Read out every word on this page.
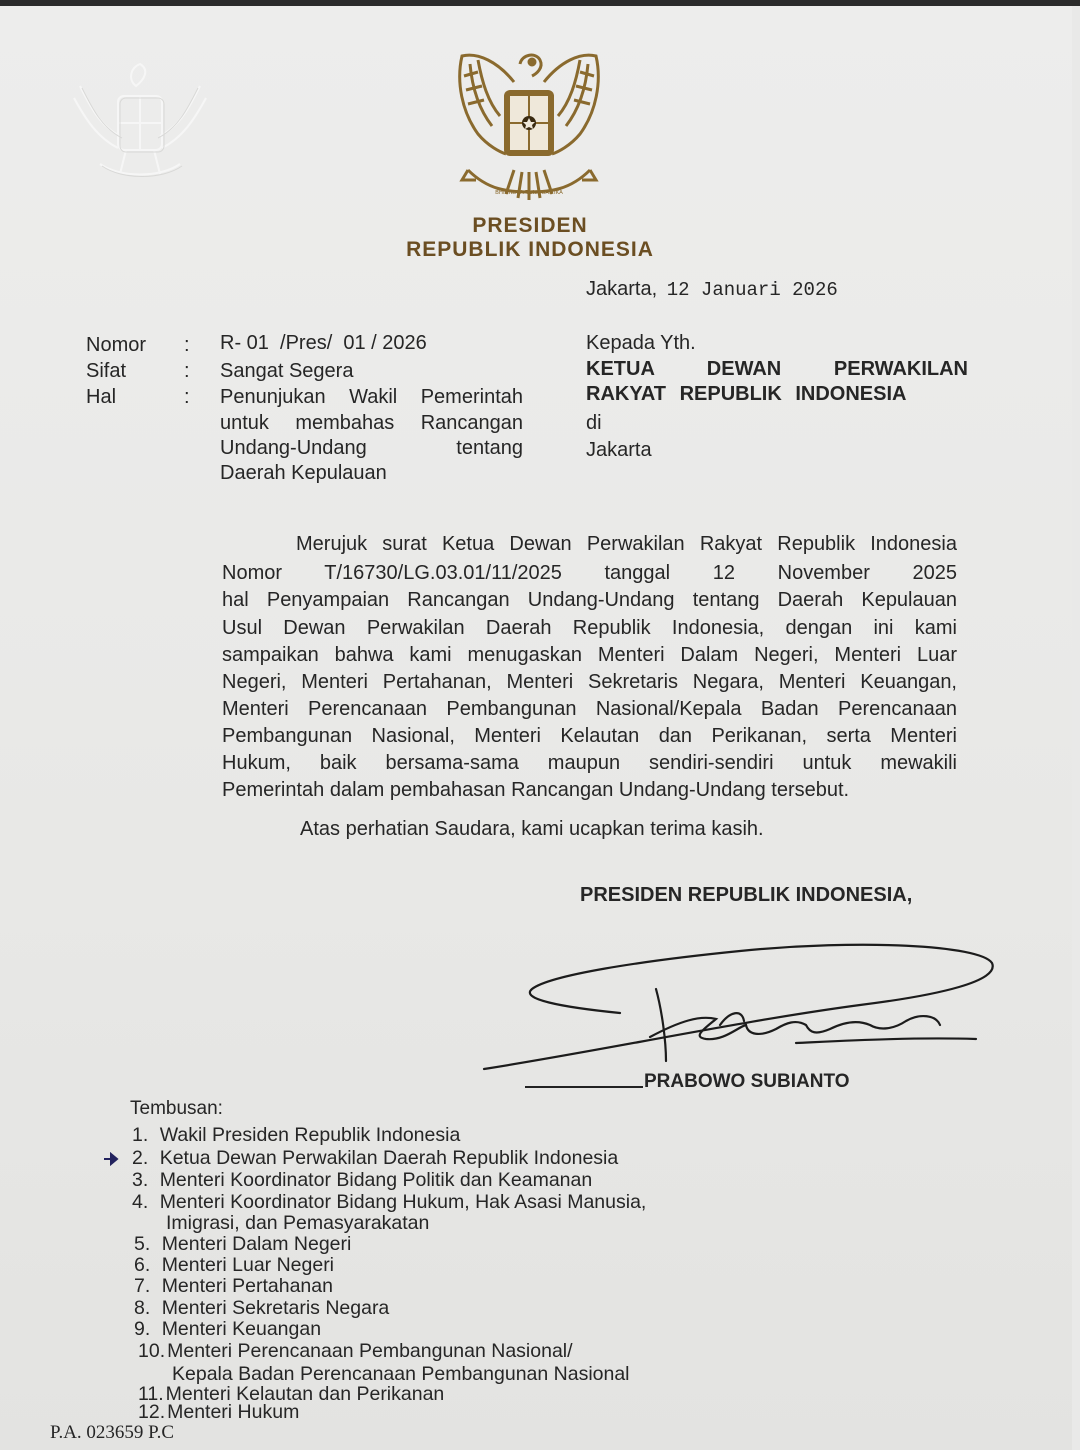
BHINNEKA TUNGGAL IKA
PRESIDEN
REPUBLIK INDONESIA
Jakarta, 12 Januari 2026
Nomor
Sifat
Hal
:
:
:
R- 01  /Pres/  01 / 2026
Sangat Segera
Penunjukan Wakil Pemerintah
untuk membahas Rancangan
Undang-Undang tentang
Daerah Kepulauan
Kepada Yth.
KETUA DEWAN PERWAKILAN
RAKYAT REPUBLIK INDONESIA
di
Jakarta
Merujuk surat Ketua Dewan Perwakilan Rakyat Republik Indonesia
Nomor T/16730/LG.03.01/11/2025 tanggal 12 November 2025
hal Penyampaian Rancangan Undang-Undang tentang Daerah Kepulauan
Usul Dewan Perwakilan Daerah Republik Indonesia, dengan ini kami
sampaikan bahwa kami menugaskan Menteri Dalam Negeri, Menteri Luar
Negeri, Menteri Pertahanan, Menteri Sekretaris Negara, Menteri Keuangan,
Menteri Perencanaan Pembangunan Nasional/Kepala Badan Perencanaan
Pembangunan Nasional, Menteri Kelautan dan Perikanan, serta Menteri
Hukum, baik bersama-sama maupun sendiri-sendiri untuk mewakili
Pemerintah dalam pembahasan Rancangan Undang-Undang tersebut.
Atas perhatian Saudara, kami ucapkan terima kasih.
PRESIDEN REPUBLIK INDONESIA,
PRABOWO SUBIANTO
Tembusan:
1. Wakil Presiden Republik Indonesia
2. Ketua Dewan Perwakilan Daerah Republik Indonesia
3. Menteri Koordinator Bidang Politik dan Keamanan
4. Menteri Koordinator Bidang Hukum, Hak Asasi Manusia,
Imigrasi, dan Pemasyarakatan
5. Menteri Dalam Negeri
6. Menteri Luar Negeri
7. Menteri Pertahanan
8. Menteri Sekretaris Negara
9. Menteri Keuangan
10. Menteri Perencanaan Pembangunan Nasional/
Kepala Badan Perencanaan Pembangunan Nasional
11. Menteri Kelautan dan Perikanan
12. Menteri Hukum
P.A. 023659 P.C
